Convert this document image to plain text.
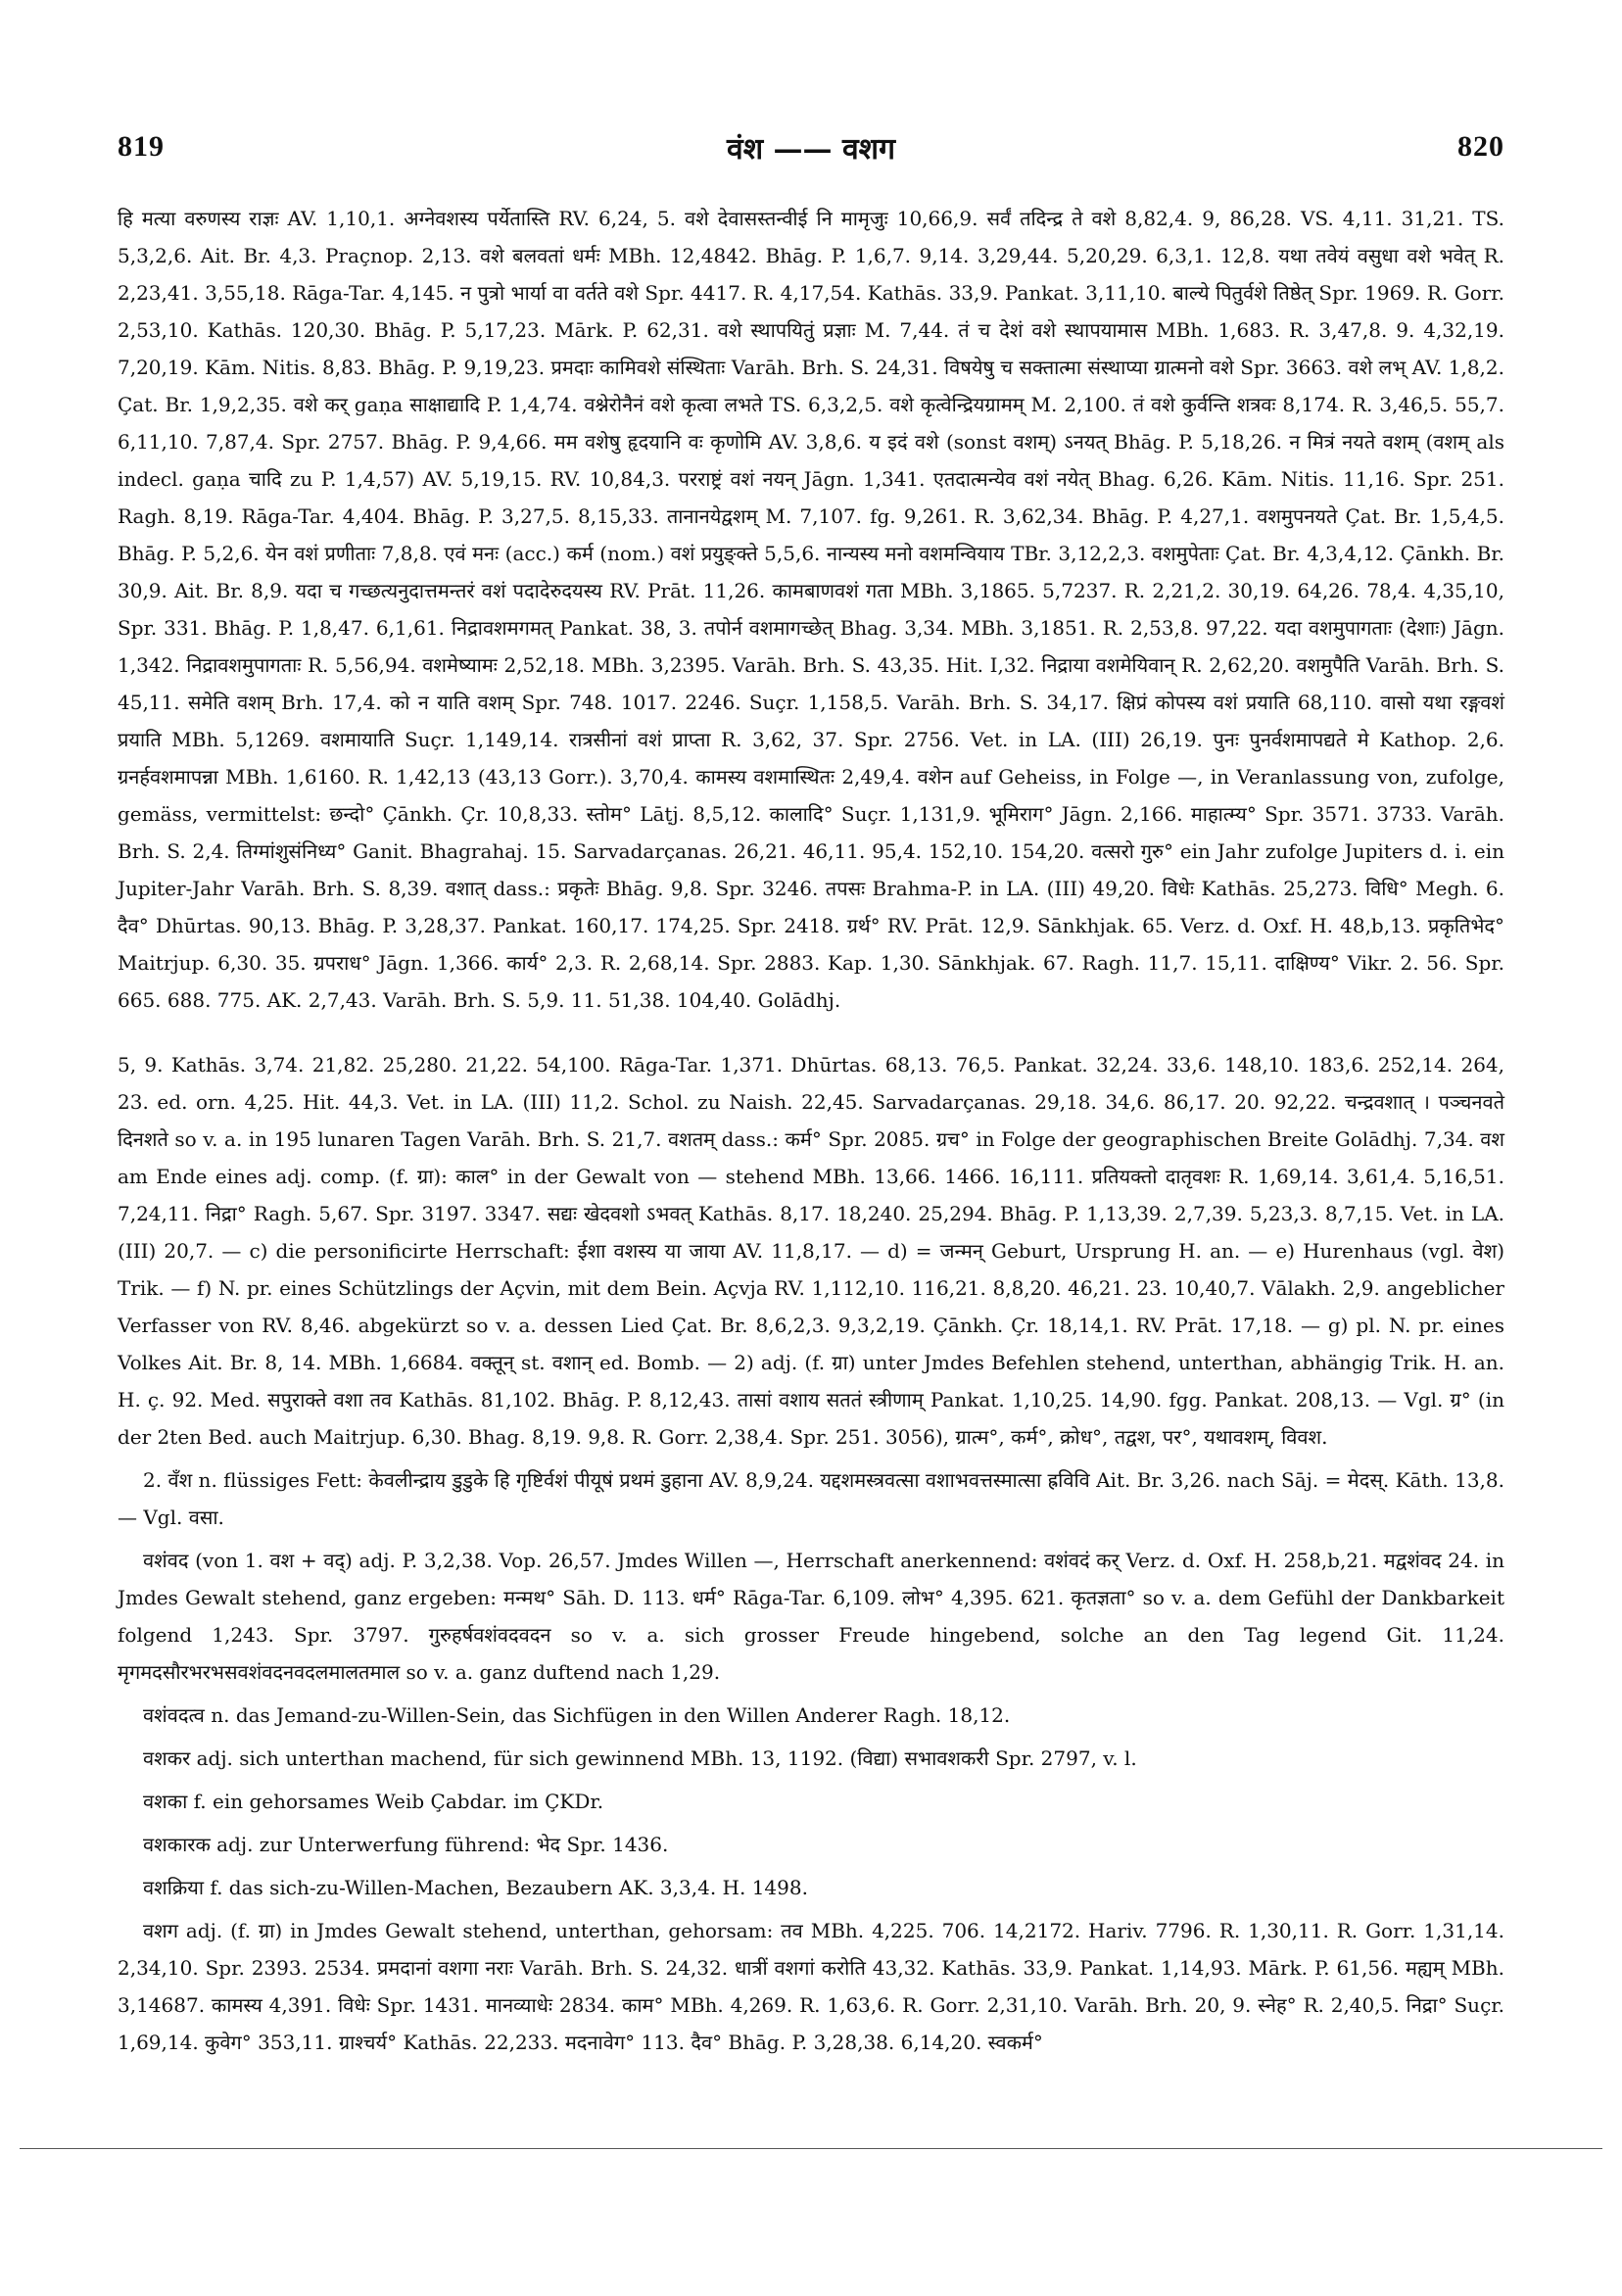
819	वंश —— वशग	820

हि मत्या वरुणस्य राज्ञः AV. 1,10,1. अग्नेवशस्य पर्येतास्ति RV. 6,24, 5. वशे देवासस्तन्वीई नि मामृजुः 10,66,9. सर्वं तदिन्द्र ते वशे 8,82,4. 9, 86,28. VS. 4,11. 31,21. TS. 5,3,2,6. Ait. Br. 4,3. Praçnop. 2,13. वशे बलवतां धर्मः MBh. 12,4842. Bhāg. P. 1,6,7. 9,14. 3,29,44. 5,20,29. 6,3,1. 12,8. यथा तवेयं वसुधा वशे भवेत् R. 2,23,41. 3,55,18. Rāga-Tar. 4,145. न पुत्रो भार्या वा वर्तते वशे Spr. 4417. R. 4,17,54. Kathās. 33,9. Pankat. 3,11,10. बाल्ये पितुर्वशे तिष्ठेत् Spr. 1969. R. Gorr. 2,53,10. Kathās. 120,30. Bhāg. P. 5,17,23. Mārk. P. 62,31. वशे स्थापयितुं प्रज्ञाः M. 7,44. तं च देशं वशे स्थापयामास MBh. 1,683. R. 3,47,8. 9. 4,32,19. 7,20,19. Kām. Nitis. 8,83. Bhāg. P. 9,19,23. प्रमदाः कामिवशे संस्थिताः Varāh. Brh. S. 24,31. विषयेषु च सक्तात्मा संस्थाप्या ग्रात्मनो वशे Spr. 3663. वशे लभ् AV. 1,8,2. Çat. Br. 1,9,2,35. वशे कर् gaṇa साक्षाद्यादि P. 1,4,74. वश्नेरोनैनं वशे कृत्वा लभते TS. 6,3,2,5. वशे कृत्वेन्द्रियग्रामम् M. 2,100. तं वशे कुर्वन्ति शत्रवः 8,174. R. 3,46,5. 55,7. 6,11,10. 7,87,4. Spr. 2757. Bhāg. P. 9,4,66. मम वशेषु हृदयानि वः कृणोमि AV. 3,8,6. य इदं वशे (sonst वशम्) ऽनयत् Bhāg. P. 5,18,26. न मित्रं नयते वशम् (वशम् als indecl. gaṇa चादि zu P. 1,4,57) AV. 5,19,15. RV. 10,84,3. परराष्ट्रं वशं नयन् Jāgn. 1,341. एतदात्मन्येव वशं नयेत् Bhag. 6,26. Kām. Nitis. 11,16. Spr. 251. Ragh. 8,19. Rāga-Tar. 4,404. Bhāg. P. 3,27,5. 8,15,33. तानानयेद्वशम् M. 7,107. fg. 9,261. R. 3,62,34. Bhāg. P. 4,27,1. वशमुपनयते Çat. Br. 1,5,4,5. Bhāg. P. 5,2,6. येन वशं प्रणीताः 7,8,8. एवं मनः (acc.) कर्म (nom.) वशं प्रयुङ्क्ते 5,5,6. नान्यस्य मनो वशमन्वियाय TBr. 3,12,2,3. वशमुपेताः Çat. Br. 4,3,4,12. Çānkh. Br. 30,9. Ait. Br. 8,9. यदा च गच्छत्यनुदात्तमन्तरं वशं पदादेरुदयस्य RV. Prāt. 11,26. कामबाणवशं गता MBh. 3,1865. 5,7237. R. 2,21,2. 30,19. 64,26. 78,4. 4,35,10, Spr. 331. Bhāg. P. 1,8,47. 6,1,61. निद्रावशमगमत् Pankat. 38, 3. तपोर्न वशमागच्छेत् Bhag. 3,34. MBh. 3,1851. R. 2,53,8. 97,22. यदा वशमुपागताः (देशाः) Jāgn. 1,342. निद्रावशमुपागताः R. 5,56,94. वशमेष्यामः 2,52,18. MBh. 3,2395. Varāh. Brh. S. 43,35. Hit. I,32. निद्राया वशमेयिवान् R. 2,62,20. वशमुपैति Varāh. Brh. S. 45,11. समेति वशम् Brh. 17,4. को न याति वशम् Spr. 748. 1017. 2246. Suçr. 1,158,5. Varāh. Brh. S. 34,17. क्षिप्रं कोपस्य वशं प्रयाति 68,110. वासो यथा रङ्गवशं प्रयाति MBh. 5,1269. वशमायाति Suçr. 1,149,14. रात्रसीनां वशं प्राप्ता R. 3,62, 37. Spr. 2756. Vet. in LA. (III) 26,19. पुनः पुनर्वशमापद्यते मे Kathop. 2,6. ग्रनर्हवशमापन्ना MBh. 1,6160. R. 1,42,13 (43,13 Gorr.). 3,70,4. कामस्य वशमास्थितः 2,49,4. वशेन auf Geheiss, in Folge —, in Veranlassung von, zufolge, gemäss, vermittelst: छन्दो° Çānkh. Çr. 10,8,33. स्तोम° Lāṭj. 8,5,12. कालादि° Suçr. 1,131,9. भूमिराग° Jāgn. 2,166. माहात्म्य° Spr. 3571. 3733. Varāh. Brh. S. 2,4. तिग्मांशुसंनिध्य° Ganit. Bhagrahaj. 15. Sarvadarçanas. 26,21. 46,11. 95,4. 152,10. 154,20. वत्सरो गुरु° ein Jahr zufolge Jupiters d. i. ein Jupiter-Jahr Varāh. Brh. S. 8,39. वशात् dass.: प्रकृतेः Bhāg. 9,8. Spr. 3246. तपसः Brahma-P. in LA. (III) 49,20. विधेः Kathās. 25,273. विधि° Megh. 6. दैव° Dhūrtas. 90,13. Bhāg. P. 3,28,37. Pankat. 160,17. 174,25. Spr. 2418. ग्रर्थ° RV. Prāt. 12,9. Sānkhjak. 65. Verz. d. Oxf. H. 48,b,13. प्रकृतिभेद° Maitrjup. 6,30. 35. ग्रपराध° Jāgn. 1,366. कार्य° 2,3. R. 2,68,14. Spr. 2883. Kap. 1,30. Sānkhjak. 67. Ragh. 11,7. 15,11. दाक्षिण्य° Vikr. 2. 56. Spr. 665. 688. 775. AK. 2,7,43. Varāh. Brh. S. 5,9. 11. 51,38. 104,40. Golādhj.

5, 9. Kathās. 3,74. 21,82. 25,280. 21,22. 54,100. Rāga-Tar. 1,371. Dhūrtas. 68,13. 76,5. Pankat. 32,24. 33,6. 148,10. 183,6. 252,14. 264, 23. ed. orn. 4,25. Hit. 44,3. Vet. in LA. (III) 11,2. Schol. zu Naish. 22,45. Sarvadarçanas. 29,18. 34,6. 86,17. 20. 92,22. चन्द्रवशात् । पञ्चनवते दिनशते so v. a. in 195 lunaren Tagen Varāh. Brh. S. 21,7. वशतम् dass.: कर्म° Spr. 2085. ग्रच° in Folge der geographischen Breite Golādhj. 7,34. वश am Ende eines adj. comp. (f. ग्रा): काल° in der Gewalt von — stehend MBh. 13,66. 1466. 16,111. प्रतियक्तो दातृवशः R. 1,69,14. 3,61,4. 5,16,51. 7,24,11. निद्रा° Ragh. 5,67. Spr. 3197. 3347. सद्यः खेदवशो ऽभवत् Kathās. 8,17. 18,240. 25,294. Bhāg. P. 1,13,39. 2,7,39. 5,23,3. 8,7,15. Vet. in LA. (III) 20,7. — c) die personificirte Herrschaft: ईशा वशस्य या जाया AV. 11,8,17. — d) = जन्मन् Geburt, Ursprung H. an. — e) Hurenhaus (vgl. वेश) Trik. — f) N. pr. eines Schützlings der Açvin, mit dem Bein. Açvja RV. 1,112,10. 116,21. 8,8,20. 46,21. 23. 10,40,7. Vālakh. 2,9. angeblicher Verfasser von RV. 8,46. abgekürzt so v. a. dessen Lied Çat. Br. 8,6,2,3. 9,3,2,19. Çānkh. Çr. 18,14,1. RV. Prāt. 17,18. — g) pl. N. pr. eines Volkes Ait. Br. 8, 14. MBh. 1,6684. वक्तून् st. वशान् ed. Bomb. — 2) adj. (f. ग्रा) unter Jmdes Befehlen stehend, unterthan, abhängig Trik. H. an. H. ç. 92. Med. सपुराक्ते वशा तव Kathās. 81,102. Bhāg. P. 8,12,43. तासां वशाय सततं स्त्रीणाम् Pankat. 1,10,25. 14,90. fgg. Pankat. 208,13. — Vgl. ग्र° (in der 2ten Bed. auch Maitrjup. 6,30. Bhag. 8,19. 9,8. R. Gorr. 2,38,4. Spr. 251. 3056), ग्रात्म°, कर्म°, क्रोध°, तद्वश, पर°, यथावशम्, विवश.

2. वँश n. flüssiges Fett: केवलीन्द्राय डुडुके हि गृष्टिर्वशं पीयूषं प्रथमं डुहाना AV. 8,9,24. यद्दशमस्त्रवत्सा वशाभवत्तस्मात्सा ह्रविवि Ait. Br. 3,26. nach Sāj. = मेदस्. Kāth. 13,8. — Vgl. वसा.

वशंवद (von 1. वश + वद्) adj. P. 3,2,38. Vop. 26,57. Jmdes Willen —, Herrschaft anerkennend: वशंवदं कर् Verz. d. Oxf. H. 258,b,21. मद्वशंवद 24. in Jmdes Gewalt stehend, ganz ergeben: मन्मथ° Sāh. D. 113. धर्म° Rāga-Tar. 6,109. लोभ° 4,395. 621. कृतज्ञता° so v. a. dem Gefühl der Dankbarkeit folgend 1,243. Spr. 3797. गुरुहर्षवशंवदवदन so v. a. sich grosser Freude hingebend, solche an den Tag legend Git. 11,24. मृगमदसौरभरभसवशंवदनवदलमालतमाल so v. a. ganz duftend nach 1,29.

वशंवदत्व n. das Jemand-zu-Willen-Sein, das Sichfügen in den Willen Anderer Ragh. 18,12.

वशकर adj. sich unterthan machend, für sich gewinnend MBh. 13, 1192. (विद्या) सभावशकरी Spr. 2797, v. l.

वशका f. ein gehorsames Weib Çabdar. im ÇKDr.

वशकारक adj. zur Unterwerfung führend: भेद Spr. 1436.

वशक्रिया f. das sich-zu-Willen-Machen, Bezaubern AK. 3,3,4. H. 1498.

वशग adj. (f. ग्रा) in Jmdes Gewalt stehend, unterthan, gehorsam: तव MBh. 4,225. 706. 14,2172. Hariv. 7796. R. 1,30,11. R. Gorr. 1,31,14. 2,34,10. Spr. 2393. 2534. प्रमदानां वशगा नराः Varāh. Brh. S. 24,32. धात्रीं वशगां करोति 43,32. Kathās. 33,9. Pankat. 1,14,93. Mārk. P. 61,56. मह्यम् MBh. 3,14687. कामस्य 4,391. विधेः Spr. 1431. मानव्याधेः 2834. काम° MBh. 4,269. R. 1,63,6. R. Gorr. 2,31,10. Varāh. Brh. 20, 9. स्नेह° R. 2,40,5. निद्रा° Suçr. 1,69,14. कुवेग° 353,11. ग्राश्चर्य° Kathās. 22,233. मदनावेग° 113. दैव° Bhāg. P. 3,28,38. 6,14,20. स्वकर्म°
